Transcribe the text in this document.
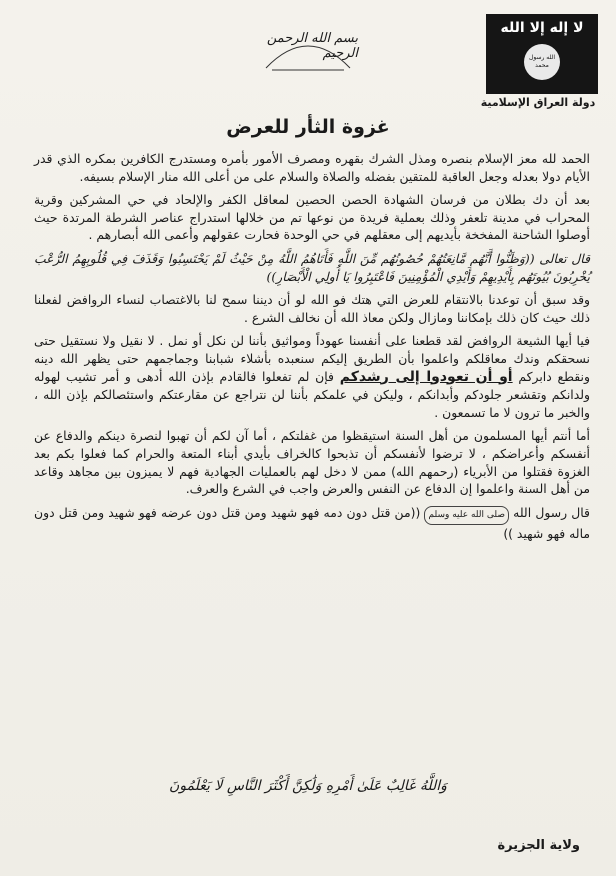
لا إله إلا الله
الله رسول محمد
دولة العراق الإسلامية
بسم الله الرحمن الرحيم
غزوة الثأر للعرض

الحمد لله معز الإسلام بنصره ومذل الشرك بقهره ومصرف الأمور بأمره ومستدرج الكافرين بمكره الذي قدر الأيام دولا بعدله وجعل العاقبة للمتقين بفضله والصلاة والسلام على من أعلى الله منار الإسلام بسيفه.

بعد أن دك بطلان من فرسان الشهادة الحصن الحصين لمعاقل الكفر والإلحاد في حي المشركين وقرية المحراب في مدينة تلعفر وذلك بعملية فريدة من نوعها تم من خلالها استدراج عناصر الشرطة المرتدة حيث أوصلوا الشاحنة المفخخة بأيديهم إلى معقلهم في حي الوحدة فحارت عقولهم وأعمى الله أبصارهم .

قال تعالى ((وَظَنُّوا أَنَّهُم مَّانِعَتُهُمْ حُصُونُهُم مِّنَ اللَّهِ فَأَتَاهُمُ اللَّهُ مِنْ حَيْثُ لَمْ يَحْتَسِبُوا وَقَذَفَ فِي قُلُوبِهِمُ الرُّعْبَ يُخْرِبُونَ بُيُوتَهُم بِأَيْدِيهِمْ وَأَيْدِي الْمُؤْمِنِينَ فَاعْتَبِرُوا يَا أُولِي الْأَبْصَارِ))

وقد سبق أن توعدنا بالانتقام للعرض التي هتك فو الله لو أن ديننا سمح لنا بالاغتصاب لنساء الروافض لفعلنا ذلك حيث كان ذلك بإمكاننا ومازال ولكن معاذ الله أن نخالف الشرع .

فيا أيها الشيعة الروافض لقد قطعنا على أنفسنا عهوداً ومواثيق بأننا لن نكل أو نمل . لا نقيل ولا نستقيل حتى نسحقكم وندك معاقلكم واعلموا بأن الطريق إليكم سنعبده بأشلاء شبابنا وجماجمهم حتى يظهر الله دينه ونقطع دابركم أو أن تعودوا إلى رشدكم فإن لم تفعلوا فالقادم بإذن الله أدهى و أمر تشيب لهوله ولدانكم وتقشعر جلودكم وأبدانكم ، وليكن في علمكم بأننا لن نتراجع عن مقارعتكم واستئصالكم بإذن الله ، والخبر ما ترون لا ما تسمعون .

أما أنتم أيها المسلمون من أهل السنة استيقظوا من غفلتكم ، أما آن لكم أن تهبوا لنصرة دينكم والدفاع عن أنفسكم وأعراضكم ، لا ترضوا لأنفسكم أن تذبحوا كالخراف بأيدي أبناء المتعة والحرام كما فعلوا بكم بعد الغزوة فقتلوا من الأبرياء (رحمهم الله) ممن لا دخل لهم بالعمليات الجهادية فهم لا يميزون بين مجاهد وقاعد من أهل السنة واعلموا إن الدفاع عن النفس والعرض واجب في الشرع والعرف.

قال رسول الله صلى الله عليه وسلم ((من قتل دون دمه فهو شهيد ومن قتل دون عرضه فهو شهيد ومن قتل دون ماله فهو شهيد ))

وَاللَّهُ غَالِبٌ عَلَىٰ أَمْرِهِ وَلَٰكِنَّ أَكْثَرَ النَّاسِ لَا يَعْلَمُونَ
ولاية الجزيرة
